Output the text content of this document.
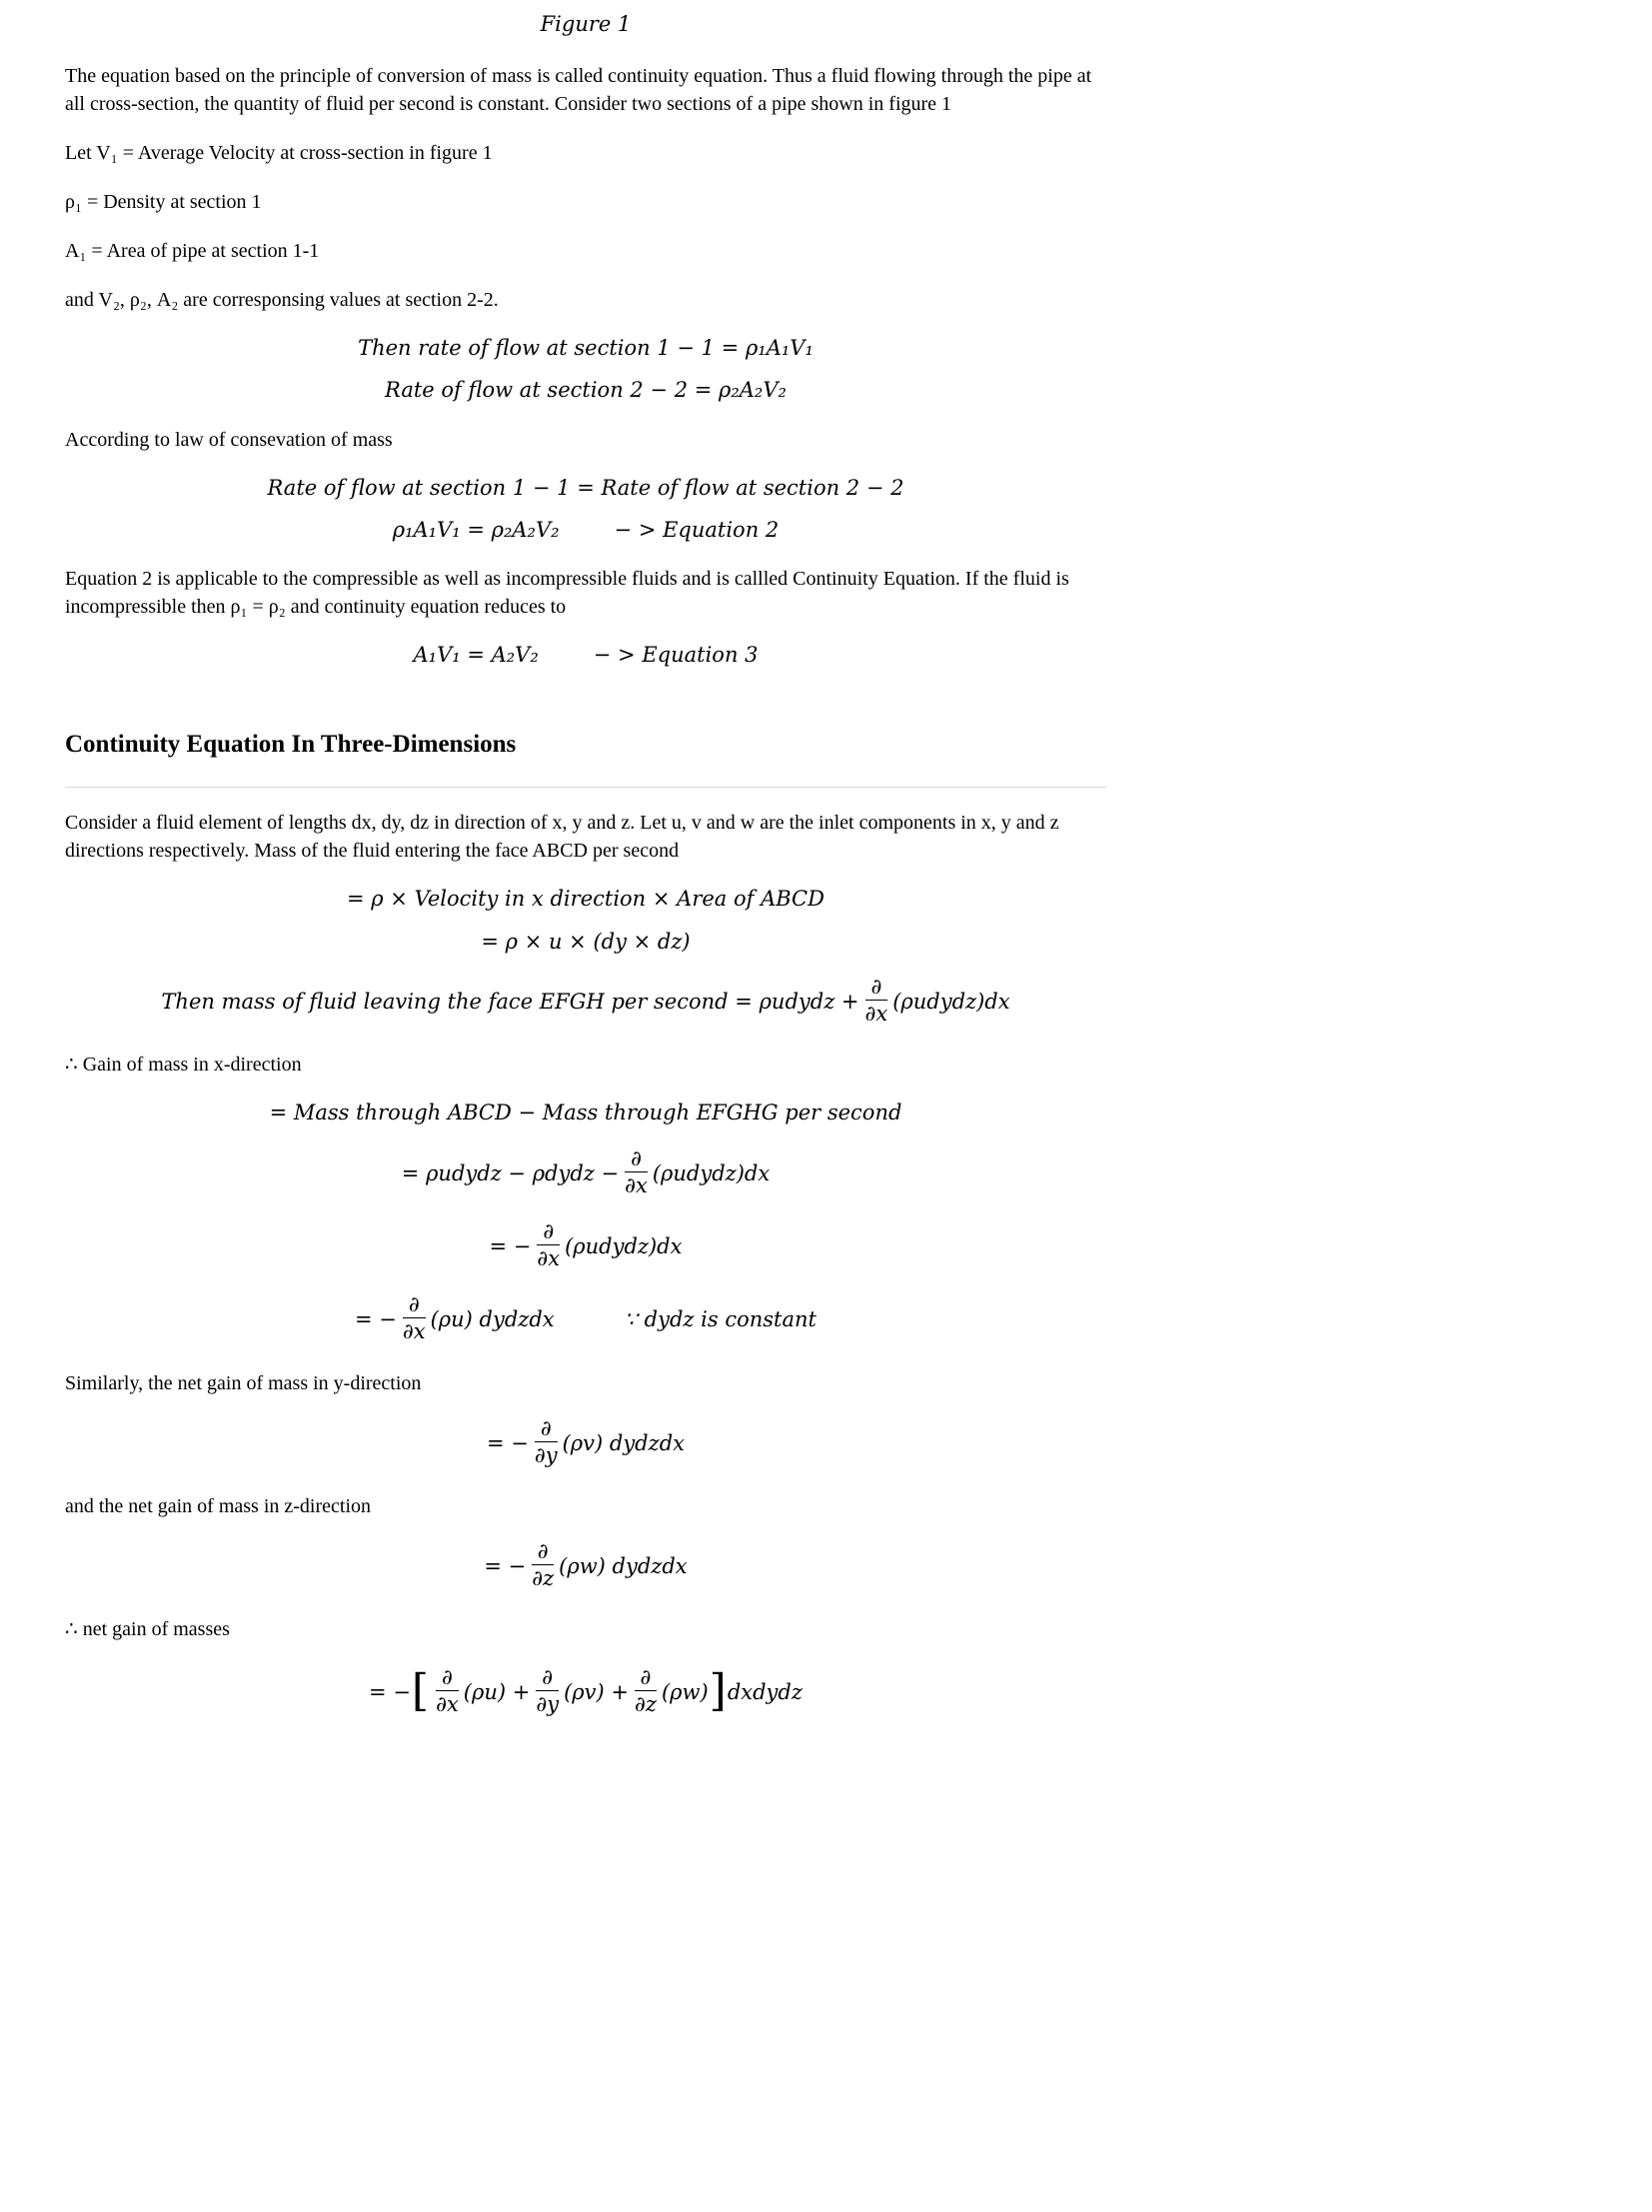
Figure 1

The equation based on the principle of conversion of mass is called continuity equation. Thus a fluid flowing through the pipe at all cross-section, the quantity of fluid per second is constant. Consider two sections of a pipe shown in figure 1

Let V₁ = Average Velocity at cross-section in figure 1

ρ₁ = Density at section 1

A₁ = Area of pipe at section 1-1

and V₂, ρ₂, A₂ are corresponsing values at section 2-2.

Then rate of flow at section 1 − 1 = ρ₁A₁V₁
Rate of flow at section 2 − 2 = ρ₂A₂V₂

According to law of consevation of mass

Rate of flow at section 1 − 1 = Rate of flow at section 2 − 2
ρ₁A₁V₁ = ρ₂A₂V₂	− > Equation 2

Equation 2 is applicable to the compressible as well as incompressible fluids and is callled Continuity Equation. If the fluid is incompressible then ρ₁ = ρ₂ and continuity equation reduces to

A₁V₁ = A₂V₂	− > Equation 3
Continuity Equation In Three-Dimensions

Consider a fluid element of lengths dx, dy, dz in direction of x, y and z. Let u, v and w are the inlet components in x, y and z directions respectively. Mass of the fluid entering the face ABCD per second

= ρ × Velocity in x direction × Area of ABCD
= ρ × u × (dy × dz)
Then mass of fluid leaving the face EFGH per second = ρudydz + $\frac{\partial}{\partial x}$ (ρudydz)dx

∴ Gain of mass in x-direction

= Mass through ABCD − Mass through EFGHG per second
= ρudydz − ρdydz − $\frac{\partial}{\partial x}$ (ρudydz)dx
= − $\frac{\partial}{\partial x}$ (ρudydz)dx
= − $\frac{\partial}{\partial x} (\rho u)$ dydzdx	∵ dydz is constant

Similarly, the net gain of mass in y-direction

= − $\frac{\partial}{\partial y} (\rho v)$ dydzdx

and the net gain of mass in z-direction

= − $\frac{\partial}{\partial z} (\rho w)$ dydzdx

∴ net gain of masses

= −[ $\frac{\partial}{\partial x} (\rho u) + \frac{\partial}{\partial y} (\rho v) + \frac{\partial}{\partial z}$ (ρw)]dxdydz
